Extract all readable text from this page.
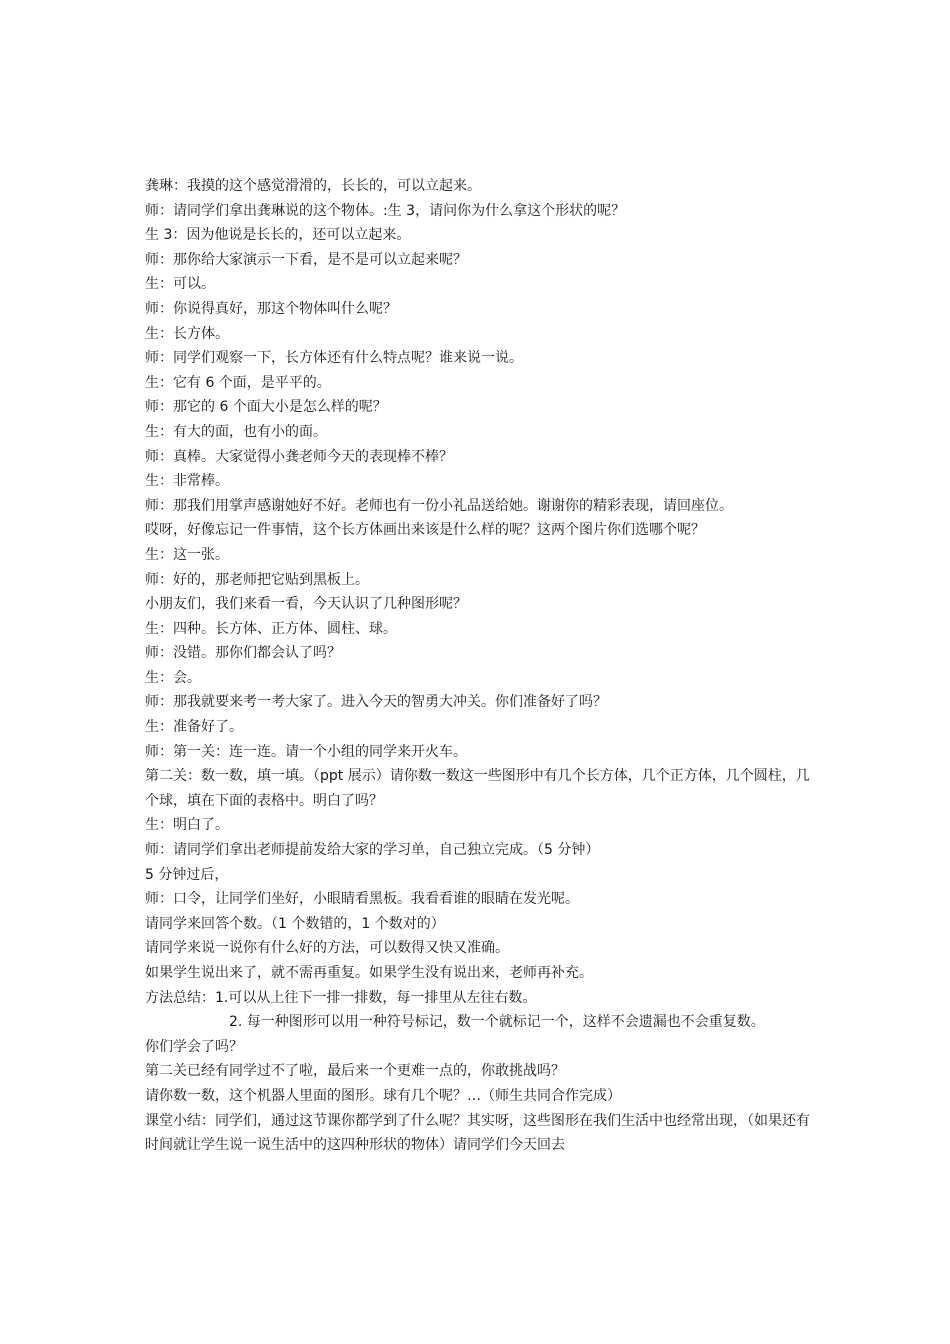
龚琳：我摸的这个感觉滑滑的，长长的，可以立起来。
师：请同学们拿出龚琳说的这个物体。:生 3，请问你为什么拿这个形状的呢？
生 3：因为他说是长长的，还可以立起来。
师：那你给大家演示一下看，是不是可以立起来呢？
生：可以。
师：你说得真好，那这个物体叫什么呢？
生：长方体。
师：同学们观察一下，长方体还有什么特点呢？谁来说一说。
生：它有 6 个面，是平平的。
师：那它的 6 个面大小是怎么样的呢？
生：有大的面，也有小的面。
师：真棒。大家觉得小龚老师今天的表现棒不棒？
生：非常棒。
师：那我们用掌声感谢她好不好。老师也有一份小礼品送给她。谢谢你的精彩表现，请回座位。
哎呀，好像忘记一件事情，这个长方体画出来该是什么样的呢？这两个图片你们选哪个呢？
生：这一张。
师：好的，那老师把它贴到黑板上。
小朋友们，我们来看一看，今天认识了几种图形呢？
生：四种。长方体、正方体、圆柱、球。
师：没错。那你们都会认了吗？
生：会。
师：那我就要来考一考大家了。进入今天的智勇大冲关。你们准备好了吗？
生：准备好了。
师：第一关：连一连。请一个小组的同学来开火车。
第二关：数一数，填一填。（ppt 展示）请你数一数这一些图形中有几个长方体，几个正方体，几个圆柱，几个球，填在下面的表格中。明白了吗？
生：明白了。
师：请同学们拿出老师提前发给大家的学习单，自己独立完成。（5 分钟）
5 分钟过后，
师：口令，让同学们坐好，小眼睛看黑板。我看看谁的眼睛在发光呢。
请同学来回答个数。（1 个数错的，1 个数对的）
请同学来说一说你有什么好的方法，可以数得又快又准确。
如果学生说出来了，就不需再重复。如果学生没有说出来，老师再补充。
方法总结：1.可以从上往下一排一排数，每一排里从左往右数。
2. 每一种图形可以用一种符号标记，数一个就标记一个，这样不会遗漏也不会重复数。
你们学会了吗？
第二关已经有同学过不了啦，最后来一个更难一点的，你敢挑战吗？
请你数一数，这个机器人里面的图形。球有几个呢？…（师生共同合作完成）
课堂小结：同学们，通过这节课你都学到了什么呢？其实呀，这些图形在我们生活中也经常出现，（如果还有时间就让学生说一说生活中的这四种形状的物体）请同学们今天回去
